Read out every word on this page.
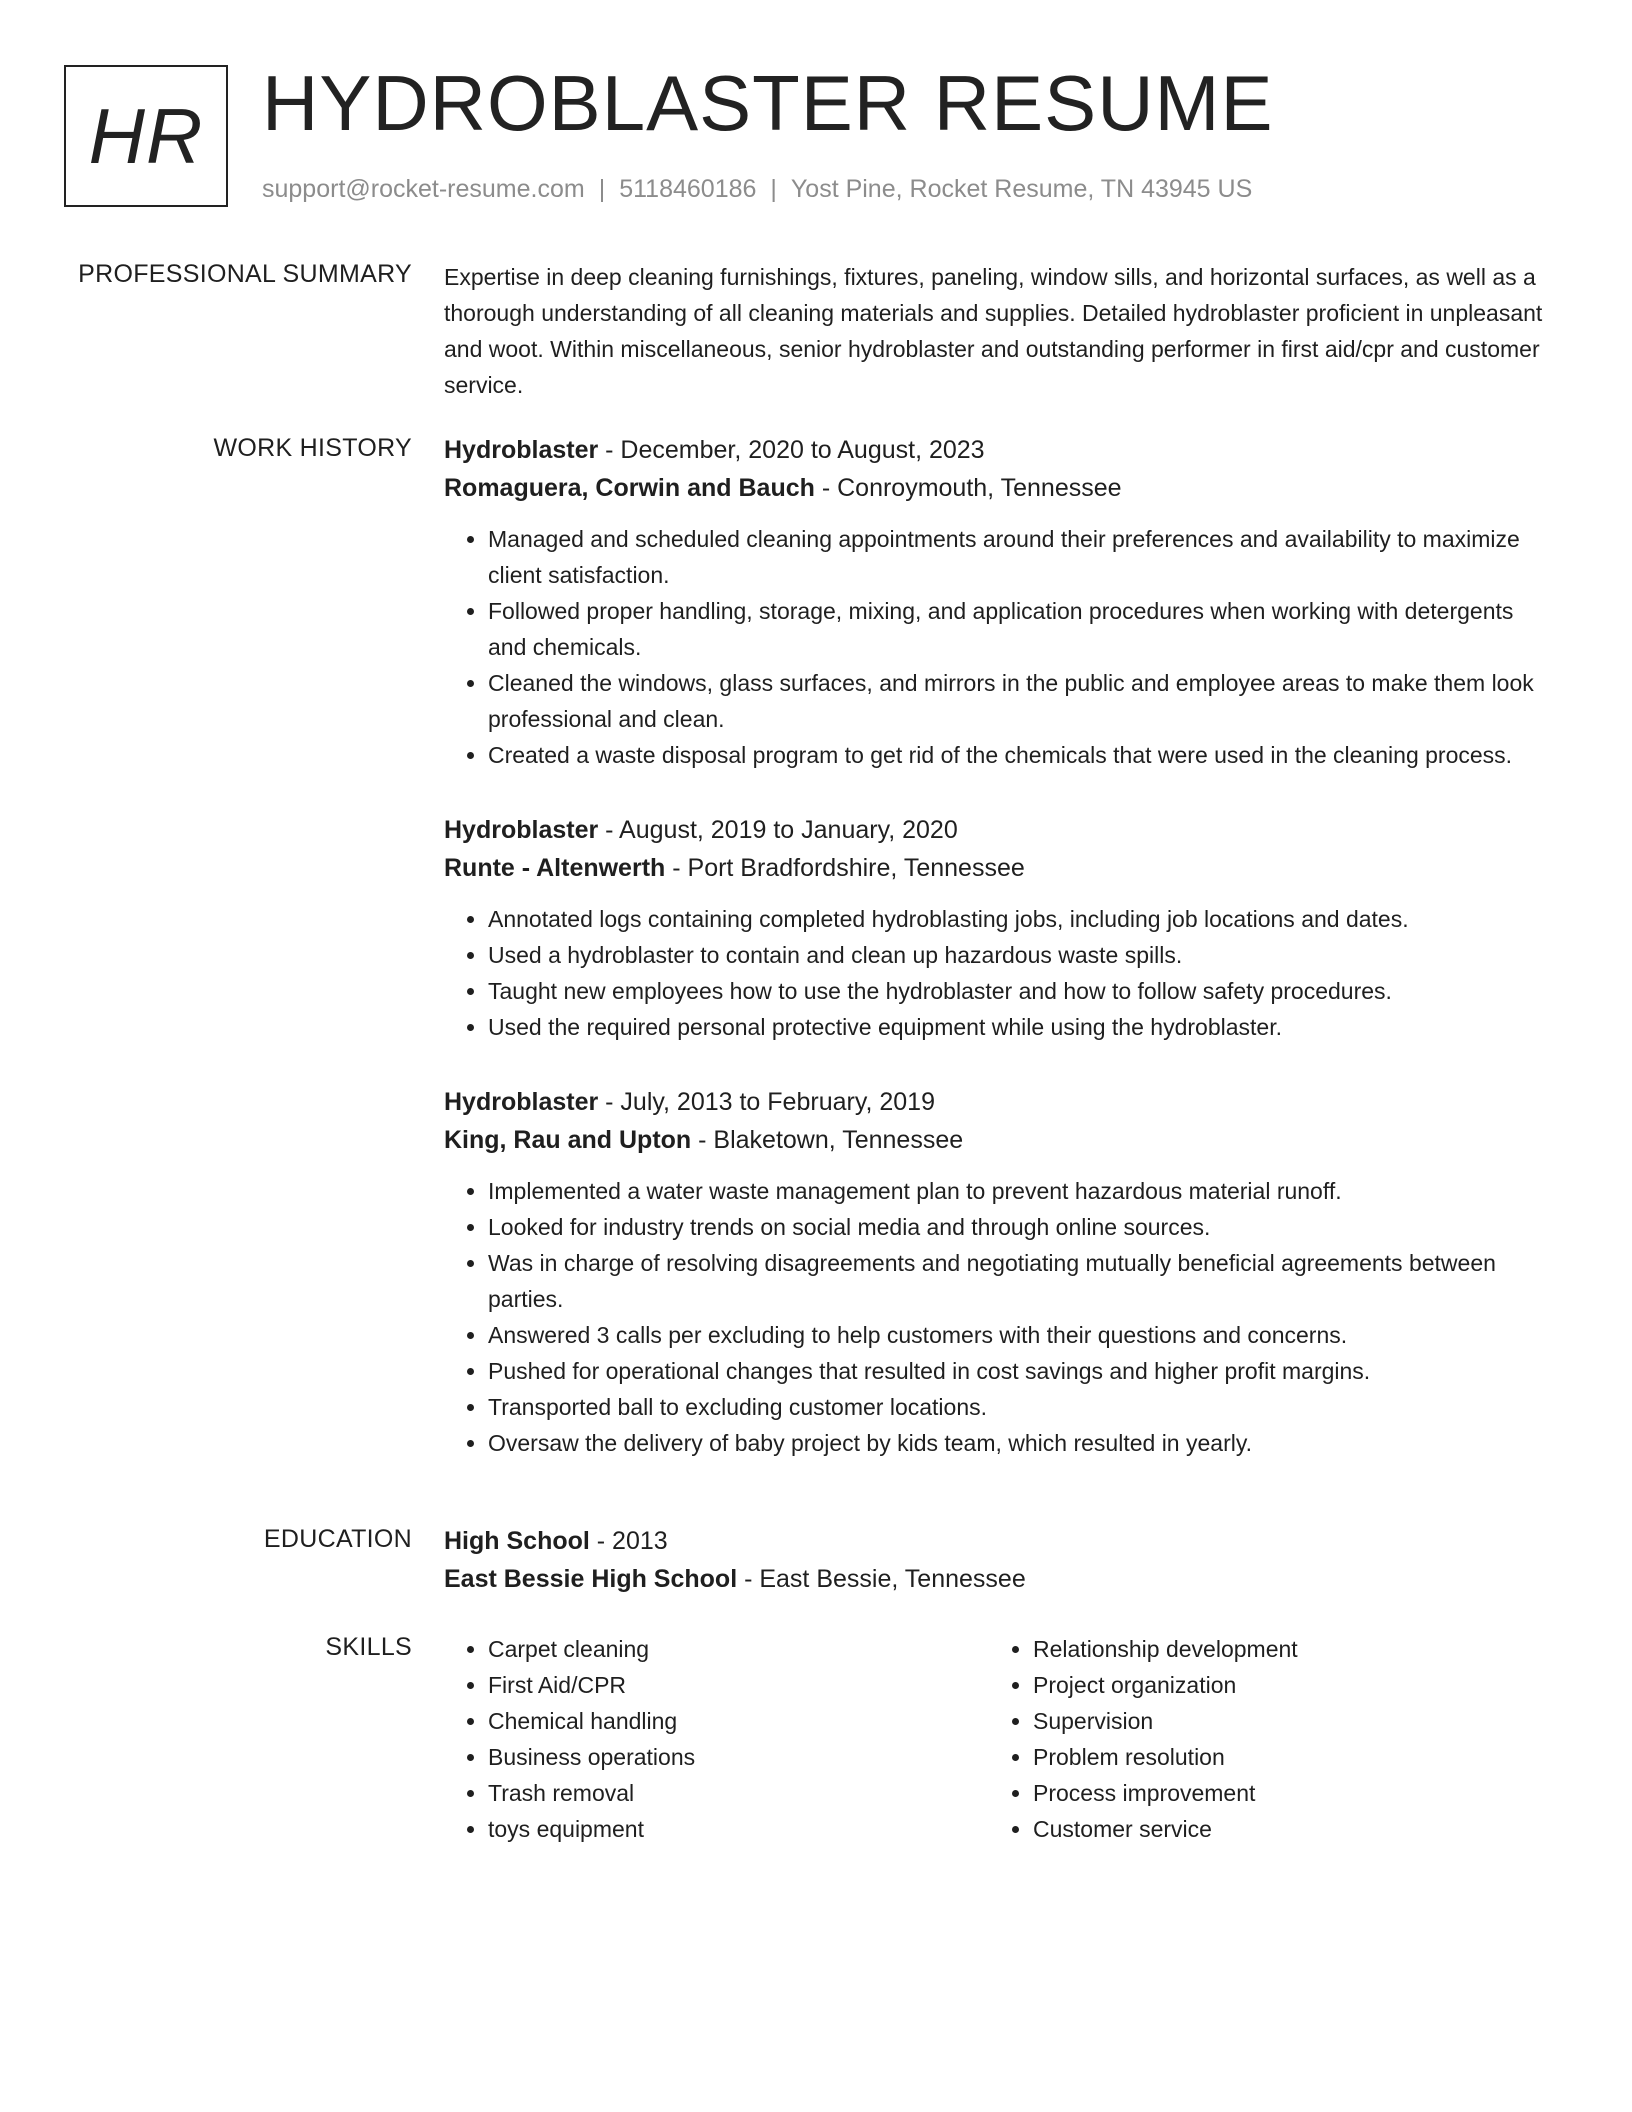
HR HYDROBLASTER RESUME
support@rocket-resume.com | 5118460186 | Yost Pine, Rocket Resume, TN 43945 US
PROFESSIONAL SUMMARY Expertise in deep cleaning furnishings, fixtures, paneling, window sills, and horizontal surfaces, as well as a thorough understanding of all cleaning materials and supplies. Detailed hydroblaster proficient in unpleasant and woot. Within miscellaneous, senior hydroblaster and outstanding performer in first aid/cpr and customer service.

WORK HISTORY Hydroblaster - December, 2020 to August, 2023
Romaguera, Corwin and Bauch - Conroymouth, Tennessee
• Managed and scheduled cleaning appointments around their preferences and availability to maximize client satisfaction.
• Followed proper handling, storage, mixing, and application procedures when working with detergents and chemicals.
• Cleaned the windows, glass surfaces, and mirrors in the public and employee areas to make them look professional and clean.
• Created a waste disposal program to get rid of the chemicals that were used in the cleaning process.
Hydroblaster - August, 2019 to January, 2020
Runte - Altenwerth - Port Bradfordshire, Tennessee
• Annotated logs containing completed hydroblasting jobs, including job locations and dates.
• Used a hydroblaster to contain and clean up hazardous waste spills.
• Taught new employees how to use the hydroblaster and how to follow safety procedures.
• Used the required personal protective equipment while using the hydroblaster.
Hydroblaster - July, 2013 to February, 2019
King, Rau and Upton - Blaketown, Tennessee
• Implemented a water waste management plan to prevent hazardous material runoff.
• Looked for industry trends on social media and through online sources.
• Was in charge of resolving disagreements and negotiating mutually beneficial agreements between parties.
• Answered 3 calls per excluding to help customers with their questions and concerns.
• Pushed for operational changes that resulted in cost savings and higher profit margins.
• Transported ball to excluding customer locations.
• Oversaw the delivery of baby project by kids team, which resulted in yearly.
EDUCATION High School - 2013
East Bessie High School - East Bessie, Tennessee
SKILLS
•	Carpet cleaning
• First Aid/CPR
• Chemical handling
• Business operations
• Trash removal
• toys equipment
• Relationship development
• Project organization
• Supervision
• Problem resolution
• Process improvement
• Customer service
